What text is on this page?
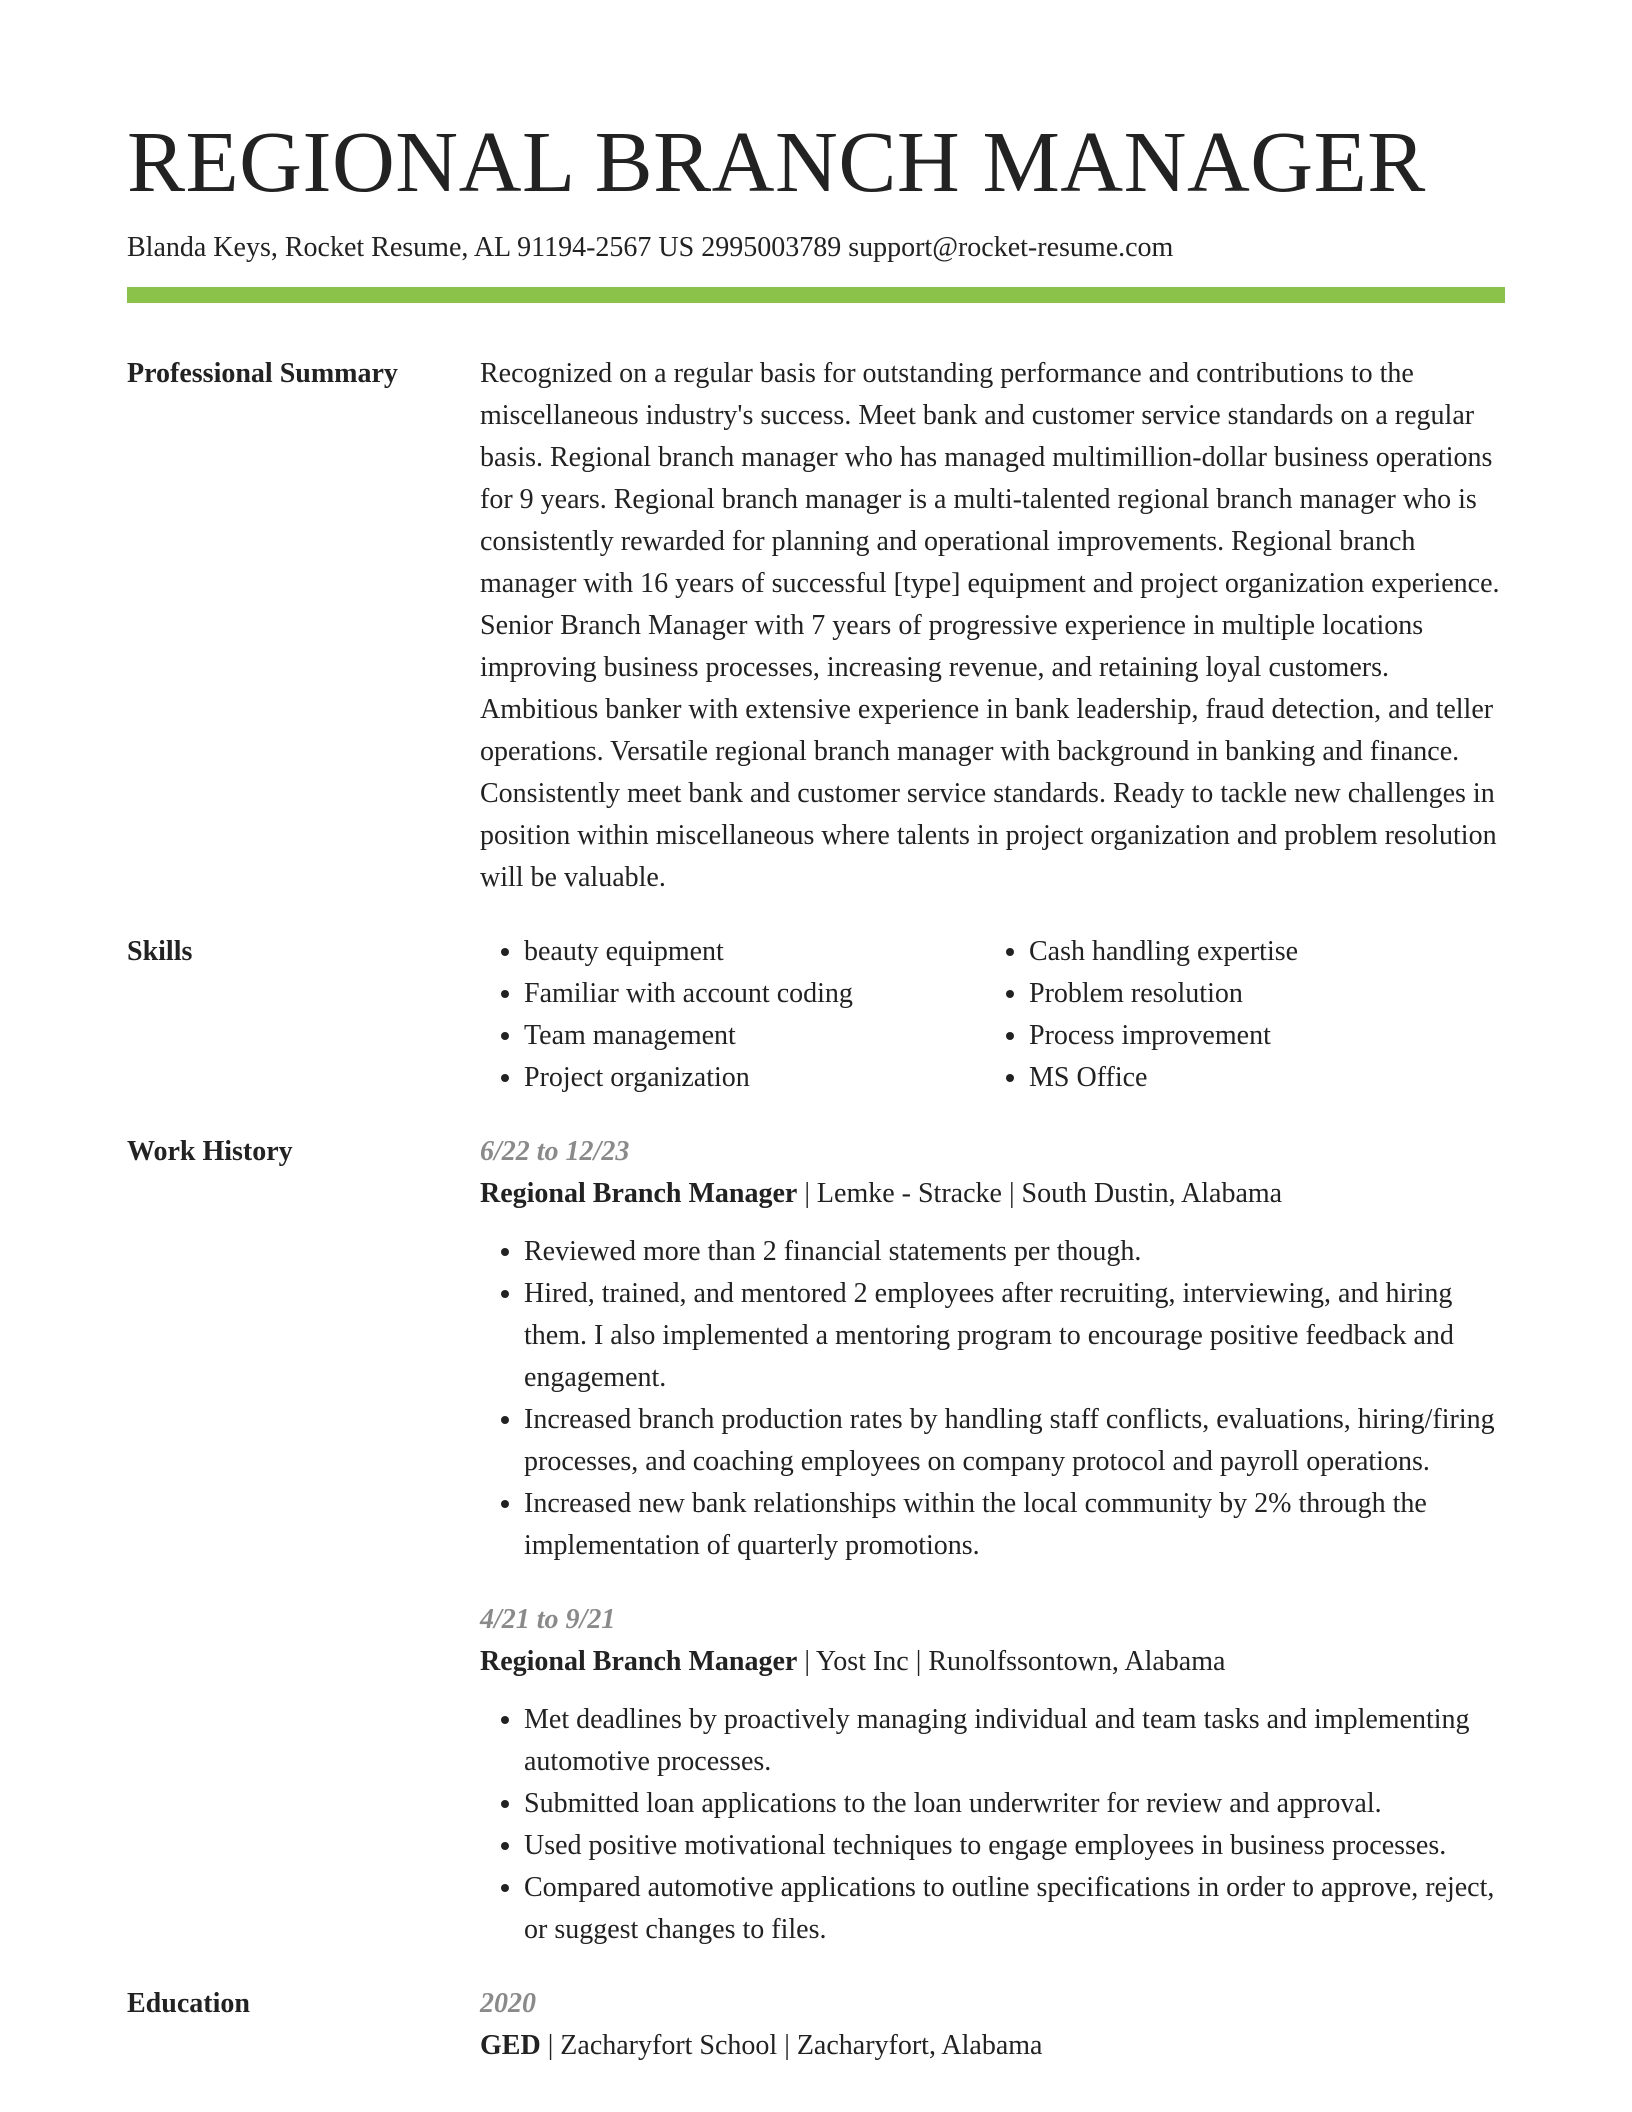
REGIONAL BRANCH MANAGER
Blanda Keys, Rocket Resume, AL 91194-2567 US 2995003789 support@rocket-resume.com
Professional Summary	Recognized on a regular basis for outstanding performance and contributions to the miscellaneous industry's success. Meet bank and customer service standards on a regular basis. Regional branch manager who has managed multimillion-dollar business operations for 9 years. Regional branch manager is a multi-talented regional branch manager who is consistently rewarded for planning and operational improvements. Regional branch manager with 16 years of successful [type] equipment and project organization experience. Senior Branch Manager with 7 years of progressive experience in multiple locations improving business processes, increasing revenue, and retaining loyal customers. Ambitious banker with extensive experience in bank leadership, fraud detection, and teller operations. Versatile regional branch manager with background in banking and finance. Consistently meet bank and customer service standards. Ready to tackle new challenges in position within miscellaneous where talents in project organization and problem resolution will be valuable.
Skills
•	beauty equipment
• Familiar with account coding
• Team management
• Project organization
• Cash handling expertise
• Problem resolution
• Process improvement
• MS Office
Work History	6/22 to 12/23
Regional Branch Manager | Lemke - Stracke | South Dustin, Alabama
• Reviewed more than 2 financial statements per though.
• Hired, trained, and mentored 2 employees after recruiting, interviewing, and hiring them. I also implemented a mentoring program to encourage positive feedback and engagement.
• Increased branch production rates by handling staff conflicts, evaluations, hiring/firing processes, and coaching employees on company protocol and payroll operations.
• Increased new bank relationships within the local community by 2% through the implementation of quarterly promotions.
4/21 to 9/21
Regional Branch Manager | Yost Inc | Runolfssontown, Alabama
• Met deadlines by proactively managing individual and team tasks and implementing automotive processes.
• Submitted loan applications to the loan underwriter for review and approval.
• Used positive motivational techniques to engage employees in business processes.
• Compared automotive applications to outline specifications in order to approve, reject, or suggest changes to files.
Education	2020
GED | Zacharyfort School | Zacharyfort, Alabama
